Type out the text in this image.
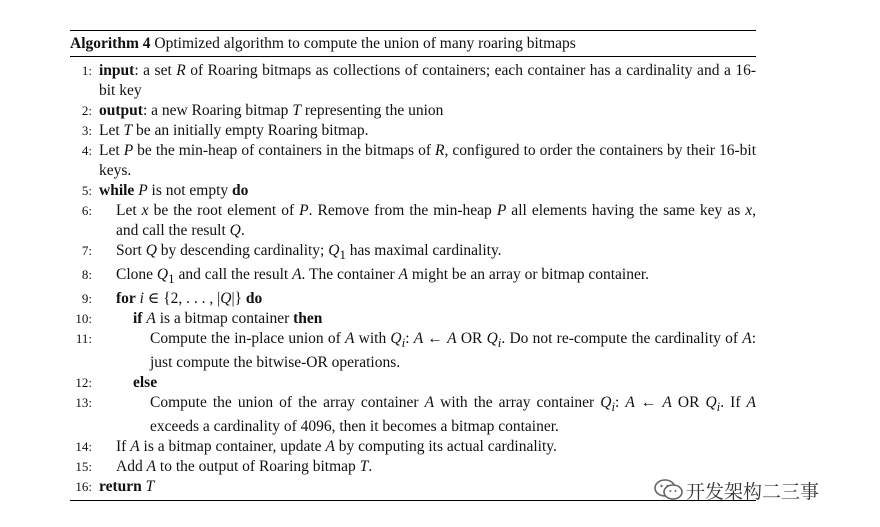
Algorithm 4 Optimized algorithm to compute the union of many roaring bitmaps
1: input: a set R of Roaring bitmaps as collections of containers; each container has a cardinality and a 16-bit key
2: output: a new Roaring bitmap T representing the union
3: Let T be an initially empty Roaring bitmap.
4: Let P be the min-heap of containers in the bitmaps of R, configured to order the containers by their 16-bit keys.
5: while P is not empty do
6: Let x be the root element of P. Remove from the min-heap P all elements having the same key as x, and call the result Q.
7: Sort Q by descending cardinality; $Q_1$ has maximal cardinality.
8: Clone $Q_1$ and call the result A. The container A might be an array or bitmap container.
9: for i ∈ {2, . . . , |Q|} do
10:	if A is a bitmap container then
11:	Compute the in-place union of A with $Q_i$: A ← A OR $Q_i$. Do not re-compute the cardinality of A: just compute the bitwise-OR operations.
12:	else
13:	Compute the union of the array container A with the array container $Q_i$: A ← A OR $Q_i$. If A exceeds a cardinality of 4096, then it becomes a bitmap container.
14: If A is a bitmap container, update A by computing its actual cardinality.
15: Add A to the output of Roaring bitmap T.
16: return T	开发架构二三事
